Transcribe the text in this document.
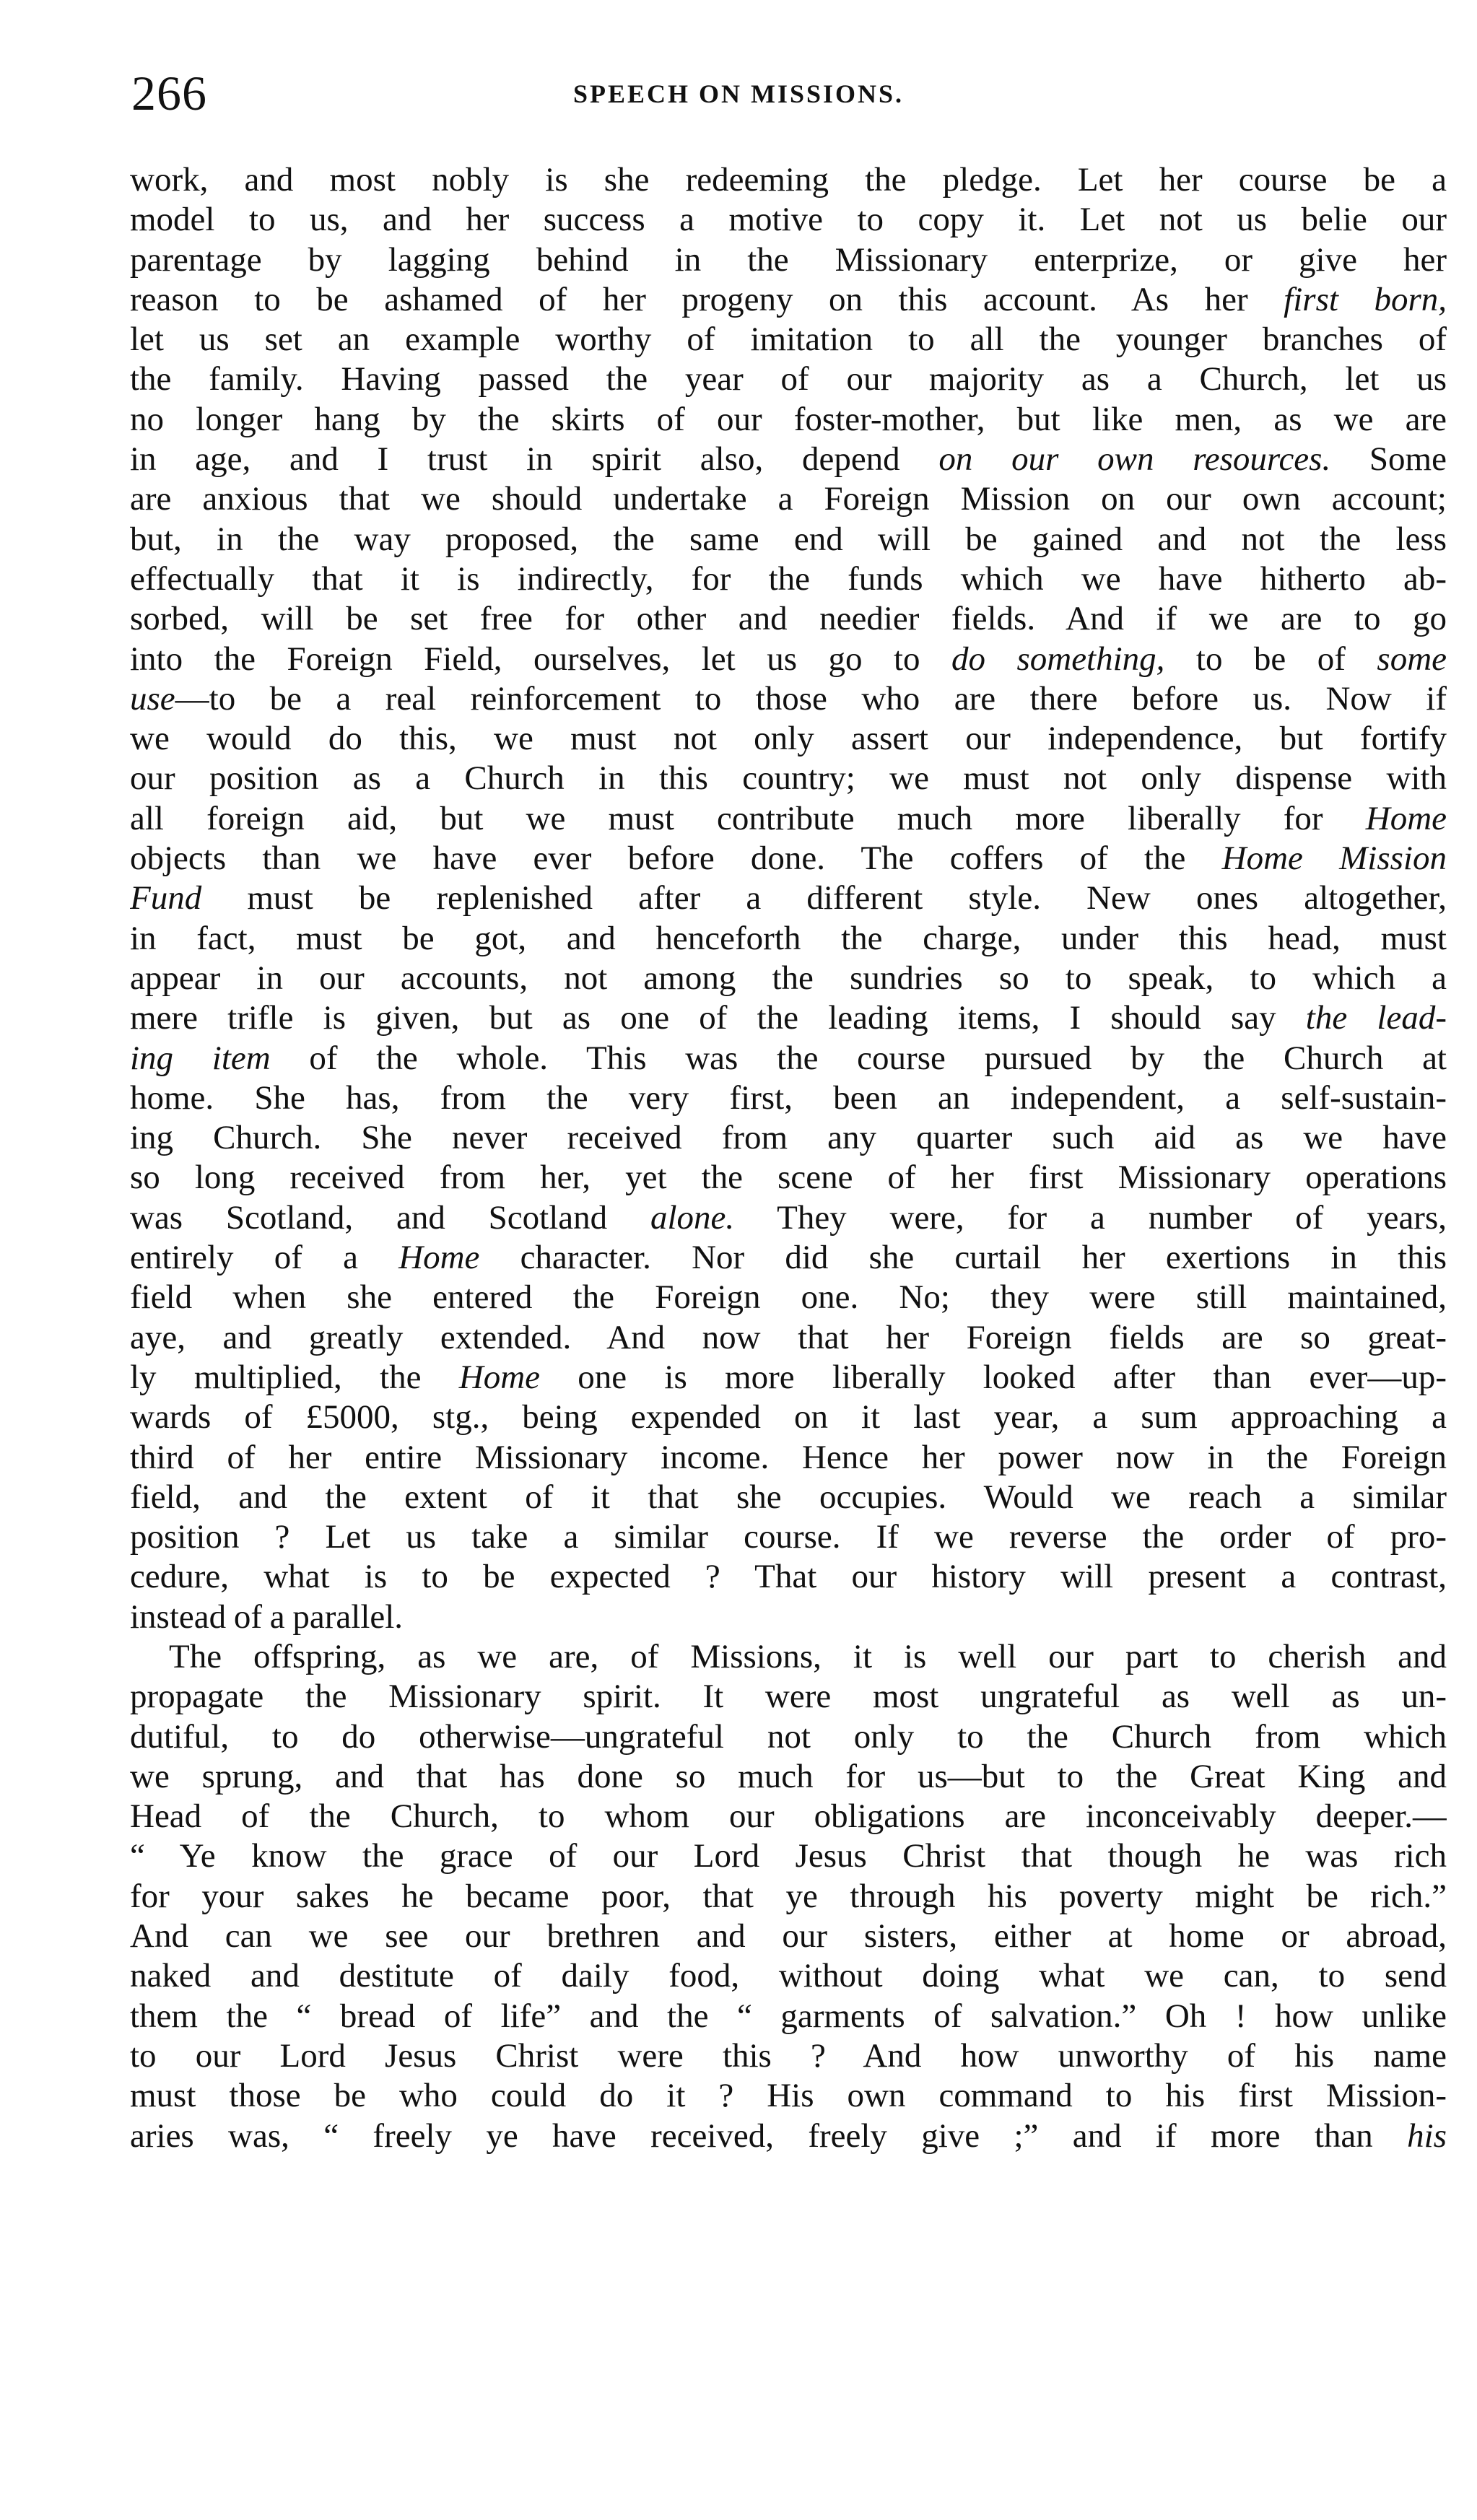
266	SPEECH ON MISSIONS.
work, and most nobly is she redeeming the pledge. Let her course be a
model to us, and her success a motive to copy it. Let not us belie our
parentage by lagging behind in the Missionary enterprize, or give her
reason to be ashamed of her progeny on this account. As her first born,
let us set an example worthy of imitation to all the younger branches of
the family. Having passed the year of our majority as a Church, let us
no longer hang by the skirts of our foster-mother, but like men, as we are
in age, and I trust in spirit also, depend on our own resources. Some
are anxious that we should undertake a Foreign Mission on our own account;
but, in the way proposed, the same end will be gained and not the less
effectually that it is indirectly, for the funds which we have hitherto ab-
sorbed, will be set free for other and needier fields. And if we are to go
into the Foreign Field, ourselves, let us go to do something, to be of some
use—to be a real reinforcement to those who are there before us. Now if
we would do this, we must not only assert our independence, but fortify
our position as a Church in this country; we must not only dispense with
all foreign aid, but we must contribute much more liberally for Home
objects than we have ever before done. The coffers of the Home Mission
Fund must be replenished after a different style. New ones altogether,
in fact, must be got, and henceforth the charge, under this head, must
appear in our accounts, not among the sundries so to speak, to which a
mere trifle is given, but as one of the leading items, I should say the lead-
ing item of the whole. This was the course pursued by the Church at
home. She has, from the very first, been an independent, a self-sustain-
ing Church. She never received from any quarter such aid as we have
so long received from her, yet the scene of her first Missionary operations
was Scotland, and Scotland alone. They were, for a number of years,
entirely of a Home character. Nor did she curtail her exertions in this
field when she entered the Foreign one. No; they were still maintained,
aye, and greatly extended. And now that her Foreign fields are so great-
ly multiplied, the Home one is more liberally looked after than ever—up-
wards of £5000, stg., being expended on it last year, a sum approaching a
third of her entire Missionary income. Hence her power now in the Foreign
field, and the extent of it that she occupies. Would we reach a similar
position ? Let us take a similar course. If we reverse the order of pro-
cedure, what is to be expected ? That our history will present a contrast,
instead of a parallel.
The offspring, as we are, of Missions, it is well our part to cherish and
propagate the Missionary spirit. It were most ungrateful as well as un-
dutiful, to do otherwise—ungrateful not only to the Church from which
we sprung, and that has done so much for us—but to the Great King and
Head of the Church, to whom our obligations are inconceivably deeper.—
“ Ye know the grace of our Lord Jesus Christ that though he was rich
for your sakes he became poor, that ye through his poverty might be rich.”
And can we see our brethren and our sisters, either at home or abroad,
naked and destitute of daily food, without doing what we can, to send
them the “ bread of life” and the “ garments of salvation.” Oh ! how unlike
to our Lord Jesus Christ were this ? And how unworthy of his name
must those be who could do it ? His own command to his first Mission-
aries was, “ freely ye have received, freely give ;” and if more than his
